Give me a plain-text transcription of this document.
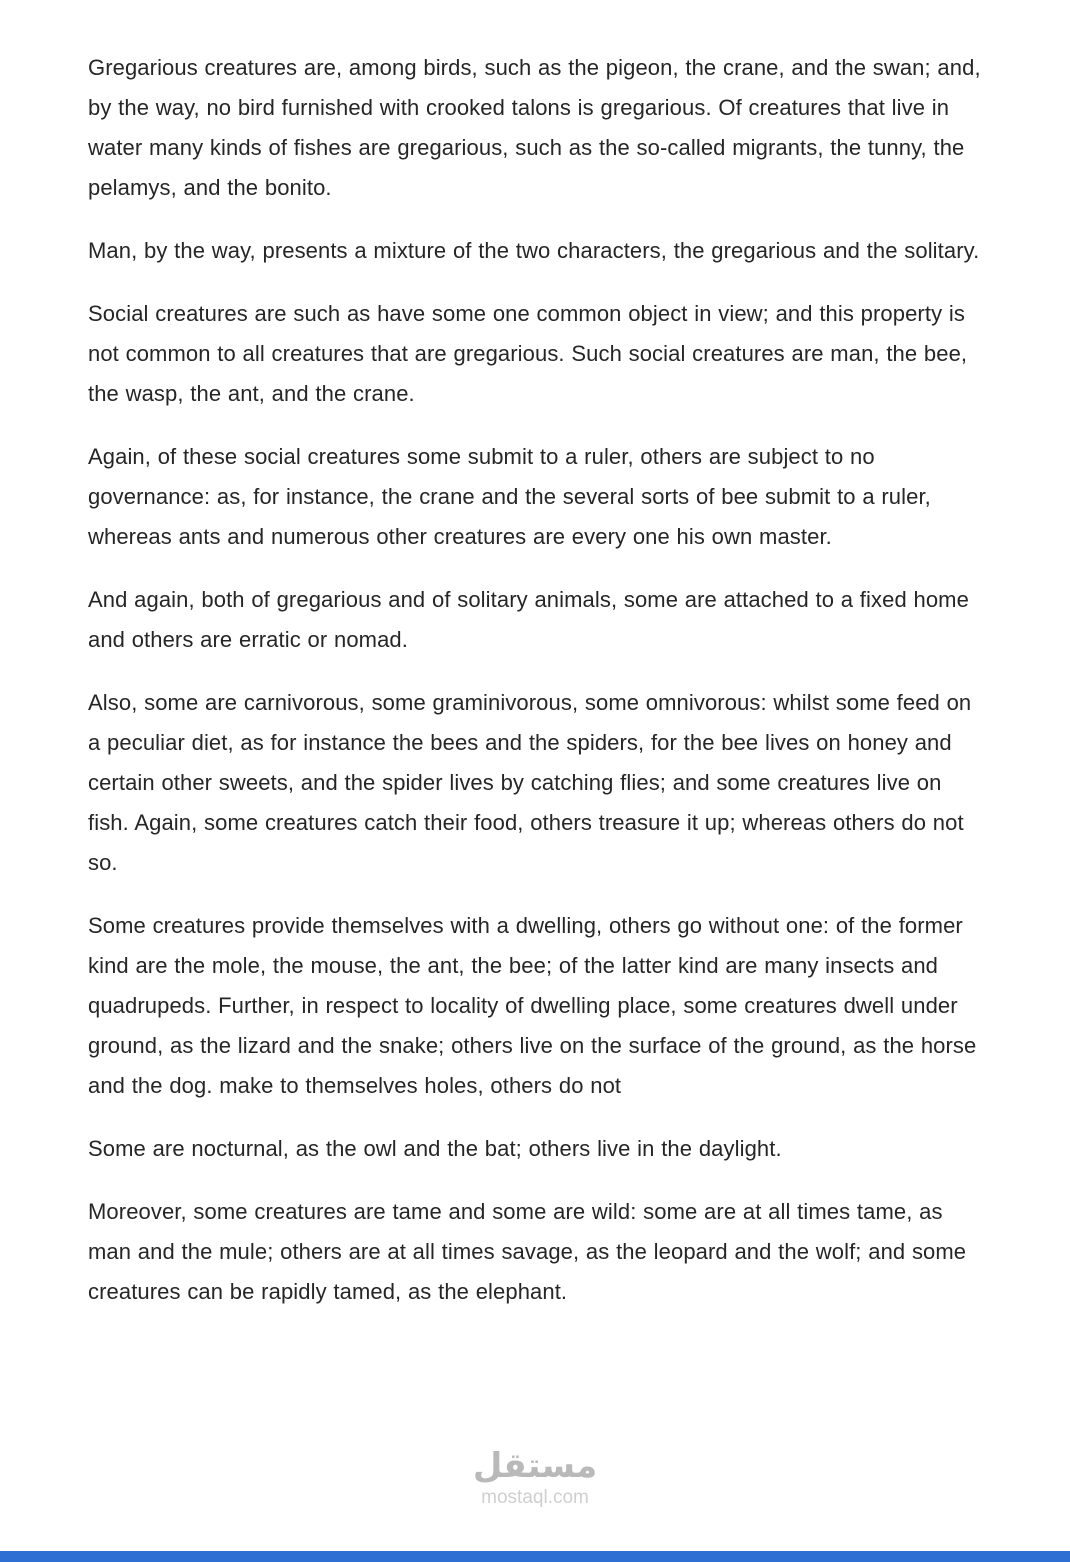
Gregarious creatures are, among birds, such as the pigeon, the crane, and the swan; and, by the way, no bird furnished with crooked talons is gregarious. Of creatures that live in water many kinds of fishes are gregarious, such as the so-called migrants, the tunny, the pelamys, and the bonito.

Man, by the way, presents a mixture of the two characters, the gregarious and the solitary.

Social creatures are such as have some one common object in view; and this property is not common to all creatures that are gregarious. Such social creatures are man, the bee, the wasp, the ant, and the crane.

Again, of these social creatures some submit to a ruler, others are subject to no governance: as, for instance, the crane and the several sorts of bee submit to a ruler, whereas ants and numerous other creatures are every one his own master.

And again, both of gregarious and of solitary animals, some are attached to a fixed home and others are erratic or nomad.

Also, some are carnivorous, some graminivorous, some omnivorous: whilst some feed on a peculiar diet, as for instance the bees and the spiders, for the bee lives on honey and certain other sweets, and the spider lives by catching flies; and some creatures live on fish. Again, some creatures catch their food, others treasure it up; whereas others do not so.

Some creatures provide themselves with a dwelling, others go without one: of the former kind are the mole, the mouse, the ant, the bee; of the latter kind are many insects and quadrupeds. Further, in respect to locality of dwelling place, some creatures dwell under ground, as the lizard and the snake; others live on the surface of the ground, as the horse and the dog. make to themselves holes, others do not

Some are nocturnal, as the owl and the bat; others live in the daylight.

Moreover, some creatures are tame and some are wild: some are at all times tame, as man and the mule; others are at all times savage, as the leopard and the wolf; and some creatures can be rapidly tamed, as the elephant.

مستقل
mostaql.com
